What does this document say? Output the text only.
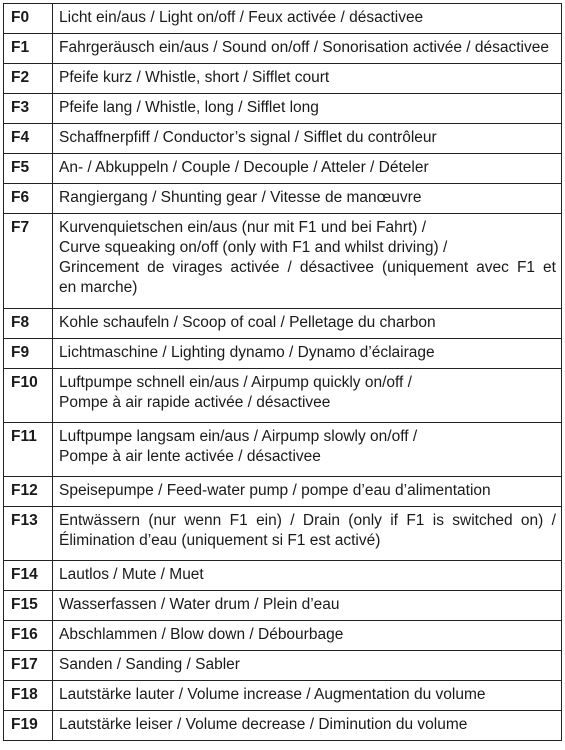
F0	Licht ein/aus / Light on/off / Feux activée / désactivee

F1	Fahrgeräusch ein/aus / Sound on/off / Sonorisation activée / désactivee

F2	Pfeife kurz / Whistle, short / Sifflet court

F3	Pfeife lang / Whistle, long / Sifflet long

F4	Schaffnerpfiff / Conductor’s signal / Sifflet du contrôleur

F5	An- / Abkuppeln / Couple / Decouple / Atteler / Dételer

F6	Rangiergang / Shunting gear / Vitesse de manœuvre

F7	Kurvenquietschen ein/aus (nur mit F1 und bei Fahrt) /
Curve squeaking on/off (only with F1 and whilst driving) /
Grincement de virages activée / désactivee (uniquement avec F1 et
en marche)

F8	Kohle schaufeln / Scoop of coal / Pelletage du charbon

F9	Lichtmaschine / Lighting dynamo / Dynamo d’éclairage

F10	Luftpumpe schnell ein/aus / Airpump quickly on/off /
Pompe à air rapide activée / désactivee

F11	Luftpumpe langsam ein/aus / Airpump slowly on/off /
Pompe à air lente activée / désactivee

F12	Speisepumpe / Feed-water pump / pompe d’eau d’alimentation

F13	Entwässern (nur wenn F1 ein) / Drain (only if F1 is switched on) /
Élimination d’eau (uniquement si F1 est activé)

F14	Lautlos / Mute / Muet

F15	Wasserfassen / Water drum / Plein d’eau

F16	Abschlammen / Blow down / Débourbage

F17	Sanden / Sanding / Sabler

F18	Lautstärke lauter / Volume increase / Augmentation du volume

F19	Lautstärke leiser / Volume decrease / Diminution du volume
